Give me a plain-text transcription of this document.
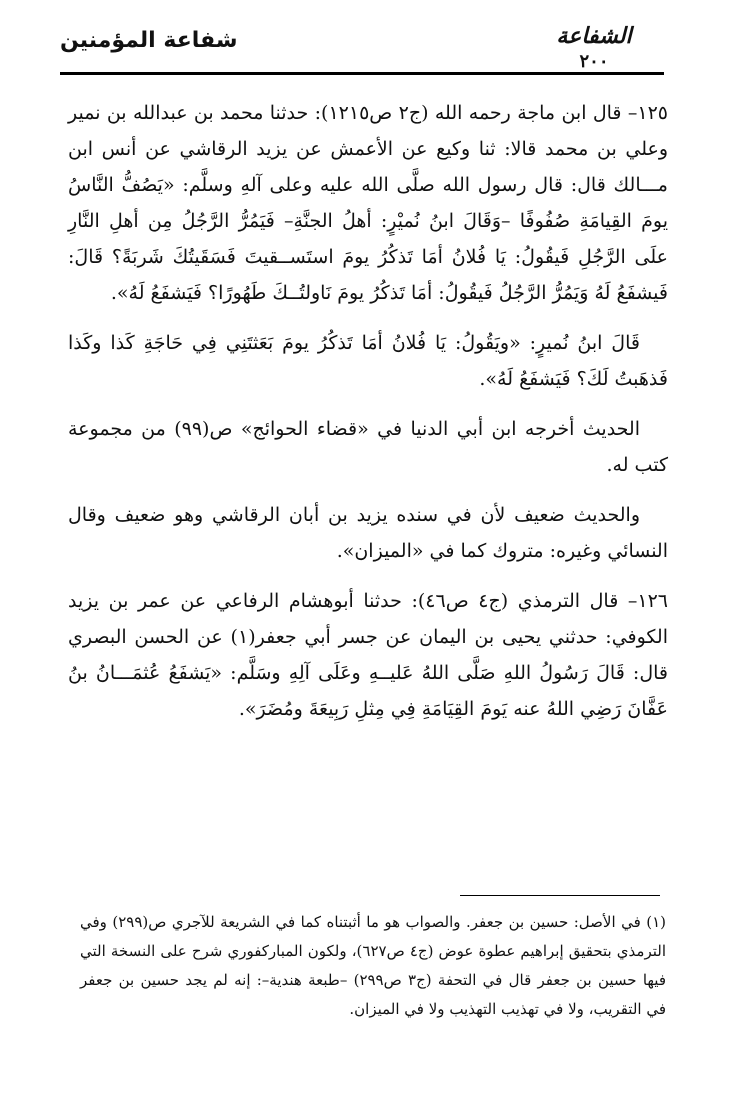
الشفاعة
٢٠٠
شفاعة المؤمنين

١٢٥– قال ابن ماجة رحمه الله (ج٢ ص١٢١٥): حدثنا محمد بن عبدالله بن نمير وعلي بن محمد قالا: ثنا وكيع عن الأعمش عن يزيد الرقاشي عن أنس ابن مـــالك قال: قال رسول الله صلَّى الله عليه وعلى آلهِ وسلَّم: «يَصُفُّ النَّاسُ يومَ القِيامَةِ صُفُوفًا –وَقَالَ ابنُ نُميْرٍ: أهلُ الجنَّةِ– فَيَمُرُّ الرَّجُلُ مِن أهلِ النَّارِ علَى الرَّجُلِ فَيقُولُ: يَا فُلانُ أمَا تَذكُرُ يومَ استَســقيتَ فَسَقَيتُكَ شَربَةً؟ قَالَ: فَيشفَعُ لَهُ وَيَمُرُّ الرَّجُلُ فَيقُولُ: أمَا تَذكُرُ يومَ نَاولتُــكَ طَهُورًا؟ فَيَشفَعُ لَهُ».

قَالَ ابنُ نُميرٍ: «ويَقُولُ: يَا فُلانُ أمَا تَذكُرُ يومَ بَعَثتَنِي فِي حَاجَةِ كَذا وكَذا فَذهَبتُ لَكَ؟ فَيَشفَعُ لَهُ».

الحديث أخرجه ابن أبي الدنيا في «قضاء الحوائج» ص(٩٩) من مجموعة كتب له.

والحديث ضعيف لأن في سنده يزيد بن أبان الرقاشي وهو ضعيف وقال النسائي وغيره: متروك كما في «الميزان».

١٢٦– قال الترمذي (ج٤ ص٤٦): حدثنا أبوهشام الرفاعي عن عمر بن يزيد الكوفي: حدثني يحيى بن اليمان عن جسر أبي جعفر(١) عن الحسن البصري قال: قَالَ رَسُولُ اللهِ صَلَّى اللهُ عَليــهِ وعَلَى آلِهِ وسَلَّم: «يَشفَعُ عُثمَـــانُ بنُ عَفَّانَ رَضِي اللهُ عنه يَومَ القِيَامَةِ فِي مِثلِ رَبِيعَةَ ومُضَرَ».

(١) في الأصل: حسين بن جعفر. والصواب هو ما أثبتناه كما في الشريعة للآجري ص(٢٩٩) وفي الترمذي بتحقيق إبراهيم عطوة عوض (ج٤ ص٦٢٧)، ولكون المباركفوري شرح على النسخة التي فيها حسين بن جعفر قال في التحفة (ج٣ ص٢٩٩) –طبعة هندية–: إنه لم يجد حسين بن جعفر في التقريب، ولا في تهذيب التهذيب ولا في الميزان.
